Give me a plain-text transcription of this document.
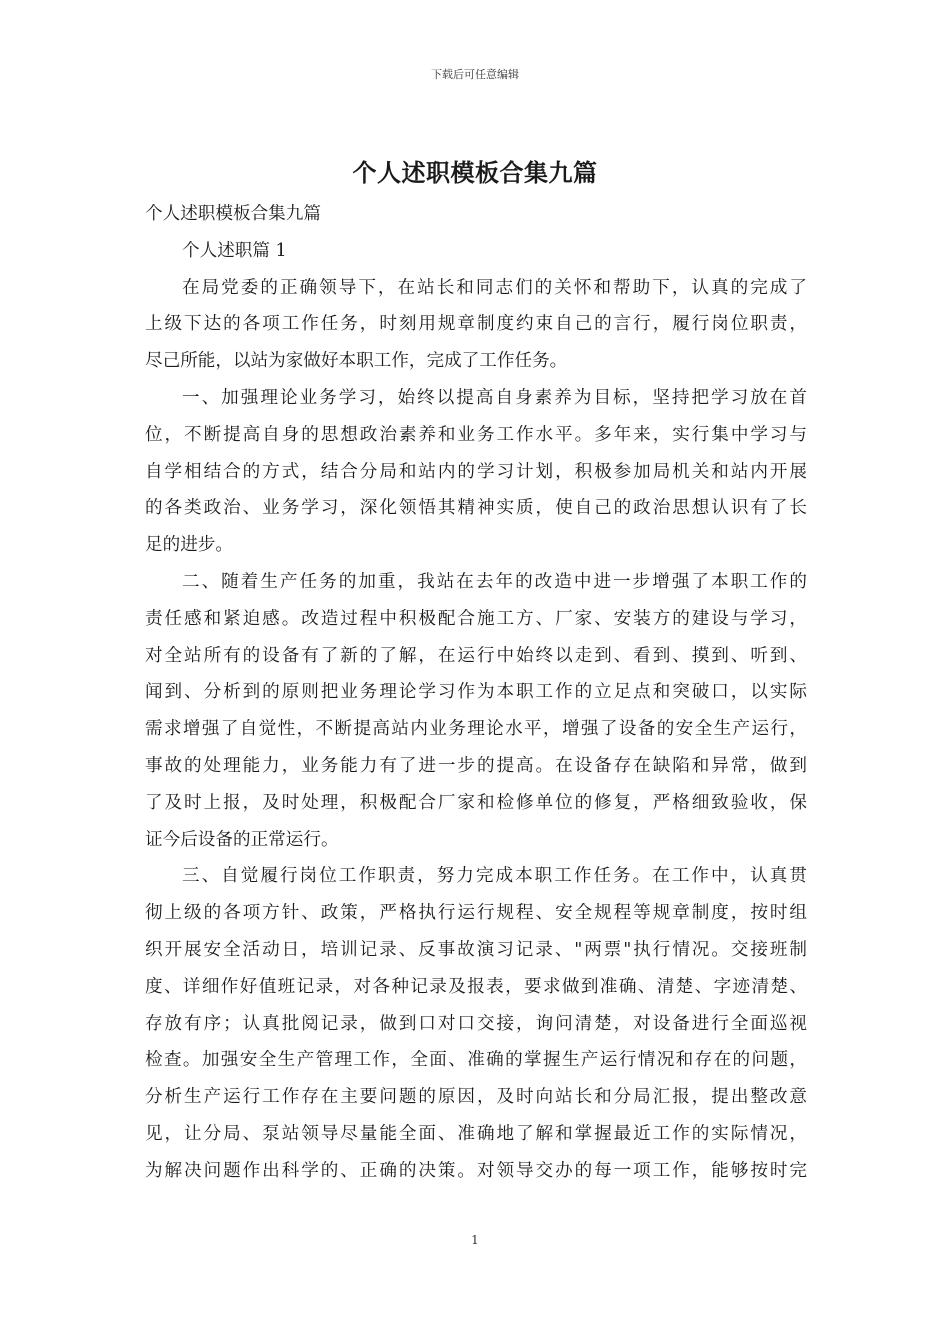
下载后可任意编辑
个人述职模板合集九篇
个人述职模板合集九篇
个人述职篇 1
在局党委的正确领导下，在站长和同志们的关怀和帮助下，认真的完成了
上级下达的各项工作任务，时刻用规章制度约束自己的言行，履行岗位职责，
尽己所能，以站为家做好本职工作，完成了工作任务。
一、加强理论业务学习，始终以提高自身素养为目标，坚持把学习放在首
位，不断提高自身的思想政治素养和业务工作水平。多年来，实行集中学习与
自学相结合的方式，结合分局和站内的学习计划，积极参加局机关和站内开展
的各类政治、业务学习，深化领悟其精神实质，使自己的政治思想认识有了长
足的进步。
二、随着生产任务的加重，我站在去年的改造中进一步增强了本职工作的
责任感和紧迫感。改造过程中积极配合施工方、厂家、安装方的建设与学习，
对全站所有的设备有了新的了解，在运行中始终以走到、看到、摸到、听到、
闻到、分析到的原则把业务理论学习作为本职工作的立足点和突破口，以实际
需求增强了自觉性，不断提高站内业务理论水平，增强了设备的安全生产运行，
事故的处理能力，业务能力有了进一步的提高。在设备存在缺陷和异常，做到
了及时上报，及时处理，积极配合厂家和检修单位的修复，严格细致验收，保
证今后设备的正常运行。
三、自觉履行岗位工作职责，努力完成本职工作任务。在工作中，认真贯
彻上级的各项方针、政策，严格执行运行规程、安全规程等规章制度，按时组
织开展安全活动日，培训记录、反事故演习记录、"两票"执行情况。交接班制
度、详细作好值班记录，对各种记录及报表，要求做到准确、清楚、字迹清楚、
存放有序；认真批阅记录，做到口对口交接，询问清楚，对设备进行全面巡视
检查。加强安全生产管理工作，全面、准确的掌握生产运行情况和存在的问题，
分析生产运行工作存在主要问题的原因，及时向站长和分局汇报，提出整改意
见，让分局、泵站领导尽量能全面、准确地了解和掌握最近工作的实际情况，
为解决问题作出科学的、正确的决策。对领导交办的每一项工作，能够按时完
1
